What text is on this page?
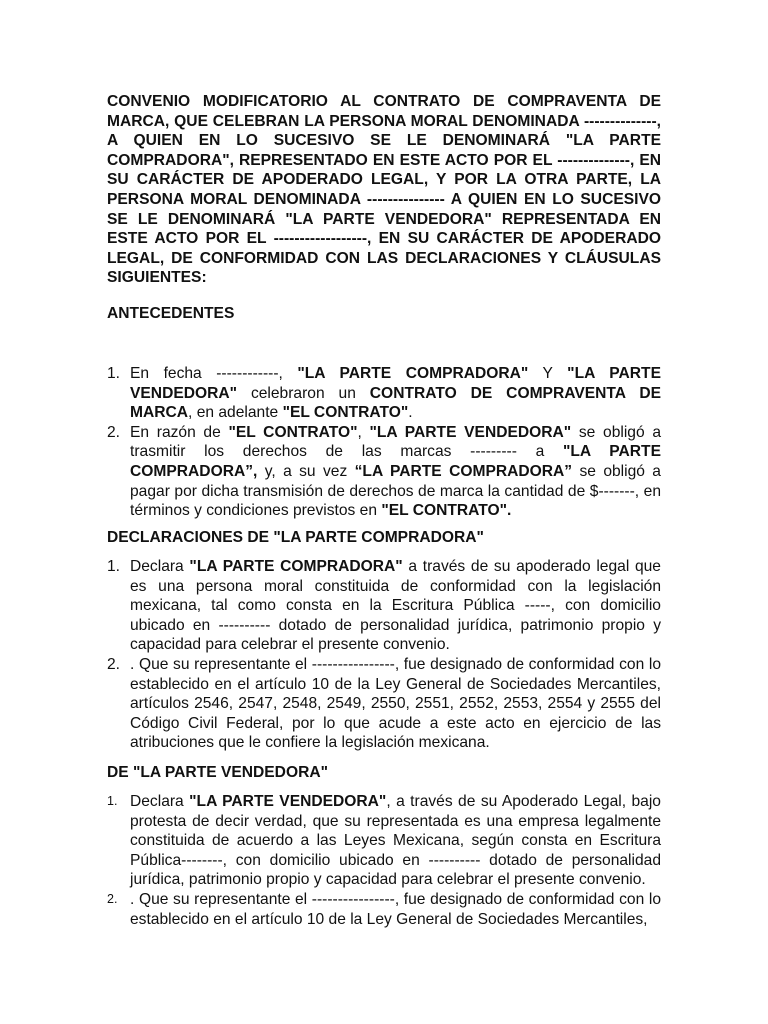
CONVENIO MODIFICATORIO AL CONTRATO DE COMPRAVENTA DE MARCA, QUE CELEBRAN LA PERSONA MORAL DENOMINADA --------------, A QUIEN EN LO SUCESIVO SE LE DENOMINARÁ "LA PARTE COMPRADORA", REPRESENTADO EN ESTE ACTO POR EL --------------, EN SU CARÁCTER DE APODERADO LEGAL, Y POR LA OTRA PARTE, LA PERSONA MORAL DENOMINADA --------------- A QUIEN EN LO SUCESIVO SE LE DENOMINARÁ "LA PARTE VENDEDORA" REPRESENTADA EN ESTE ACTO POR EL ------------------, EN SU CARÁCTER DE APODERADO LEGAL, DE CONFORMIDAD CON LAS DECLARACIONES Y CLÁUSULAS SIGUIENTES:

ANTECEDENTES
1. En fecha ------------, "LA PARTE COMPRADORA" Y "LA PARTE VENDEDORA" celebraron un CONTRATO DE COMPRAVENTA DE MARCA, en adelante "EL CONTRATO".
2. En razón de "EL CONTRATO", "LA PARTE VENDEDORA" se obligó a trasmitir los derechos de las marcas --------- a "LA PARTE COMPRADORA”, y, a su vez “LA PARTE COMPRADORA” se obligó a pagar por dicha transmisión de derechos de marca la cantidad de $-------, en términos y condiciones previstos en "EL CONTRATO".
DECLARACIONES DE "LA PARTE COMPRADORA"
1. Declara "LA PARTE COMPRADORA" a través de su apoderado legal que es una persona moral constituida de conformidad con la legislación mexicana, tal como consta en la Escritura Pública -----, con domicilio ubicado en ---------- dotado de personalidad jurídica, patrimonio propio y capacidad para celebrar el presente convenio.
2. . Que su representante el ----------------, fue designado de conformidad con lo establecido en el artículo 10 de la Ley General de Sociedades Mercantiles, artículos 2546, 2547, 2548, 2549, 2550, 2551, 2552, 2553, 2554 y 2555 del Código Civil Federal, por lo que acude a este acto en ejercicio de las atribuciones que le confiere la legislación mexicana.
DE "LA PARTE VENDEDORA"
1. Declara "LA PARTE VENDEDORA", a través de su Apoderado Legal, bajo protesta de decir verdad, que su representada es una empresa legalmente constituida de acuerdo a las Leyes Mexicana, según consta en Escritura Pública--------, con domicilio ubicado en ---------- dotado de personalidad jurídica, patrimonio propio y capacidad para celebrar el presente convenio.
2. . Que su representante el ----------------, fue designado de conformidad con lo establecido en el artículo 10 de la Ley General de Sociedades Mercantiles,
